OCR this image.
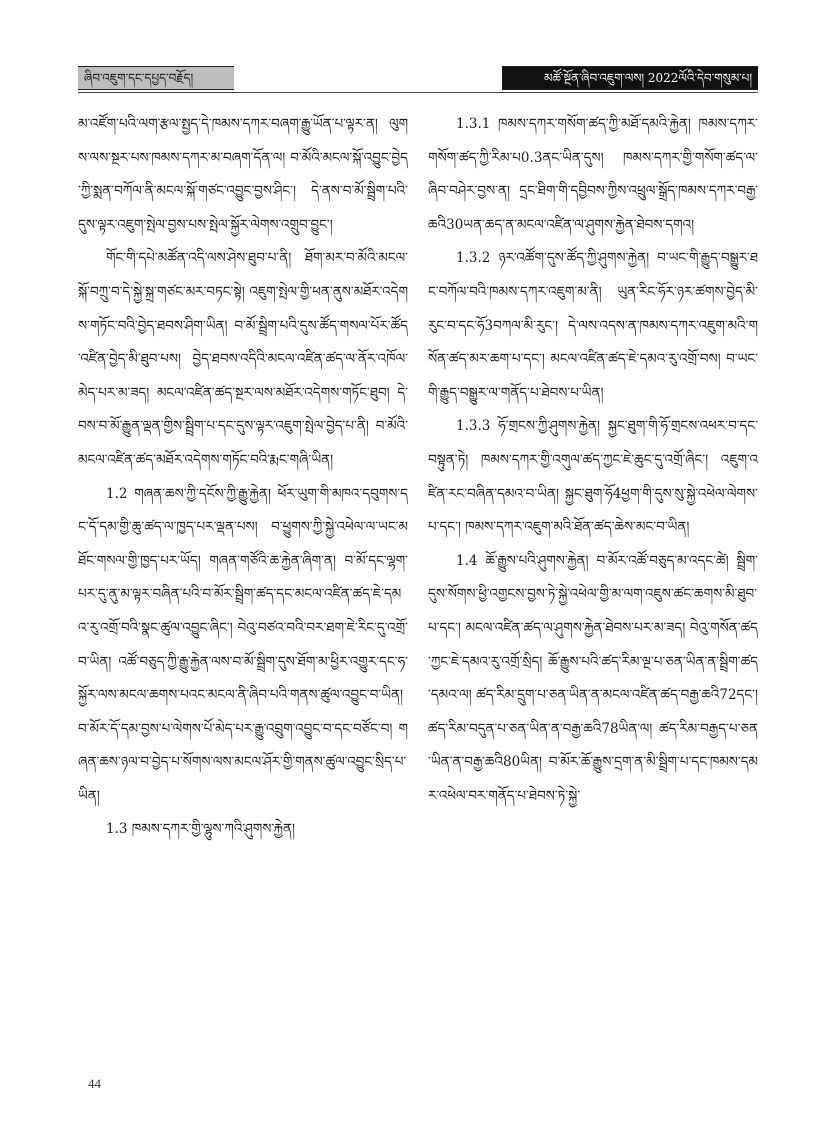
ཞིབ་འཇུག་དང་དཔྱད་བརྗོད།	མཚོ་སྔོན་ཞིབ་འཇུག་ལས། 2022ལོའི་དེབ་གསུམ་པ།

མ་འཛོག་པའི་ལག་རྩལ་སྤྱད་དེ་ཁམས་དཀར་བཞག་རྒྱུ་ཡོན་པ་ལྟར་ན། ལུགས་ལས་སྔར་པས་ཁམས་དཀར་མ་བཞག་དོན་ལ། བ་མོའི་མངལ་སྐོ་འབྱུང་བྱེད་ཀྱི་སྨན་བཀོལ་ནི་མངལ་སྐོ་གཙང་འབྱུང་བྱས་ཤིང་། དེ་ནས་བ་མོ་སྦྲིག་པའི་དུས་ལྟར་འཇུག་སྤེལ་བྱས་པས་སྤེལ་སྐྱོར་ལེགས་འགྲུབ་བྱུང་།

གོང་གི་དཔེ་མཚོན་འདི་ལས་ཤེས་ཐུབ་པ་ནི། ཐོག་མར་བ་མོའི་མངལ་སྐོ་བཀྲུ་བ་དེ་སྐྱེ་སྐྲ་གཙང་མར་བཏང་སྟེ། འཇུག་སྤེལ་གྱི་ཕན་ནུས་མཐོར་འདེགས་གཏོང་བའི་བྱེད་ཐབས་ཤིག་ཡིན། བ་མོ་སྦྲིག་པའི་དུས་ཚོད་གསལ་པོར་ཚོད་འཛིན་བྱེད་མི་ཐུབ་པས། བྱེད་ཐབས་འདིའི་མངལ་འཛིན་ཚད་ལ་ནོར་འཁོལ་མེད་པར་མ་ཟད། མངལ་འཛིན་ཚད་སྔར་ལས་མཐོར་འདེགས་གཏོང་ཐུབ། དེ་བས་བ་མོ་རྒྱུན་ལྡན་གྱིས་སྦྲིག་པ་དང་དུས་ལྟར་འཇུག་སྤེལ་བྱེད་པ་ནི། བ་མོའི་མངལ་འཛིན་ཚད་མཐོར་འདེགས་གཏོང་བའི་རྨང་གཞི་ཡིན།

1.2 གཞན་ཆས་ཀྱི་དངོས་ཀྱི་རྒྱུ་རྐྱེན། ཕོར་ཡུག་གི་མཁའ་དབུགས་དང་དོ་དམ་གྱི་ཆུ་ཚད་ལ་ཁྱད་པར་ལྡན་པས། བ་ཕྱུགས་ཀྱི་སྐྱེ་འཕེལ་ལ་ཡང་མཐོང་གསལ་གྱི་ཁྱད་པར་ཡོད། གཞན་གཙོའི་ཆ་རྐྱེན་ཞིག་ན། བ་མོ་དང་ལྷག་པར་དུ་ནུ་མ་ལྟར་བཞིན་པའི་བ་མོར་སྦྲིག་ཚད་དང་མངལ་འཛིན་ཚད་ཇེ་དམའ་རུ་འགྲོ་བའི་སྣང་ཚུལ་འབྱུང་ཞིང་། བེའུ་བཙའ་བའི་བར་ཐག་ཇེ་རིང་དུ་འགྲོ་བ་ཡིན། འཚོ་བཅུད་ཀྱི་རྒྱུ་རྐྱེན་ལས་བ་མོ་སྦྲིག་དུས་ཐོག་མ་ཕྱིར་འགྱུར་དང་ཧ་སྐྱོར་ལས་མངལ་ཆགས་པའང་མངལ་ནི་ཞིབ་པའི་གནས་ཚུལ་འབྱུང་བ་ཡིན། བ་མོར་དོ་དམ་བྱས་པ་ལེགས་པོ་མེད་པར་རྒྱུ་འབྲུག་འབྱུང་བ་དང་བཙོང་བ། གཞན་ཆས་ཉལ་བ་བྱེད་པ་སོགས་ལས་མངལ་ཤོར་གྱི་གནས་ཚུལ་འབྱུང་སྲིད་པ་ཡིན།

1.3 ཁམས་དཀར་གྱི་ལྷུས་ཀའི་ཤུགས་རྐྱེན།

1.3.1 ཁམས་དཀར་གསོག་ཚད་ཀྱི་མཐོ་དམའི་རྐྱེན། ཁམས་དཀར་གསོག་ཚད་ཀྱི་རིམ་པ0.3ནང་ཡིན་དུས། ཁམས་དཀར་གྱི་གསོག་ཚད་ལ་ཞིབ་བཤེར་བྱས་ན། དྲང་ཐིག་གི་དབྱིབས་ཀྱིས་འཕྲུལ་སྒྲོད་ཁམས་དཀར་བརྒྱ་ཆའི30ཡན་ཆད་ན་མངལ་འཛིན་ལ་ཤུགས་རྐྱེན་ཐེབས་དགའ།

1.3.2 ཉར་འཚོག་དུས་ཚོད་ཀྱི་ཤུགས་རྐྱེན། བ་ཡང་གི་རྒྱུད་བསྒྱུར་ཐང་བཀོལ་བའི་ཁམས་དཀར་འཇུག་མ་ནི། ཡུན་རིང་ཧོར་ཉར་ཚགས་བྱེད་མི་རུང་བ་དང་ཧོ3བཀལ་མི་རུང་། དེ་ལས་འདས་ན་ཁམས་དཀར་འཇུག་མའི་གསོན་ཚད་མར་ཆག་པ་དང་། མངལ་འཛིན་ཚད་ཇེ་དམའ་རུ་འགྲོ་བས། བ་ཡང་གི་རྒྱུད་བསྒྱུར་ལ་གནོད་པ་ཐེབས་པ་ཡིན།

1.3.3 ཧོ་གྲངས་ཀྱི་ཤུགས་རྐྱེན། སྐྱང་ཐུག་གི་ཧོ་གྲངས་འཕར་བ་དང་བསྟུན་ཏེ། ཁམས་དཀར་གྱི་འགུལ་ཚད་ཀྱང་ཇེ་ཆུང་དུ་འགྲོ་ཞིང་། འཇུག་འཛིན་རང་བཞིན་དམའ་བ་ཡིན། སྐྱང་ཐུག་ཧོ4ཕྱག་གི་དུས་སུ་སྐྱེ་འཕེལ་ལེགས་པ་དང་། ཁམས་དཀར་འཇུག་མའི་ཐོན་ཚད་ཆེས་མང་བ་ཡིན།

1.4 ཆོ་རྒྱུས་པའི་ཤུགས་རྐྱེན། བ་མོར་འཚོ་བཅུད་མ་འདང་ཚེ། སྦྲིག་དུས་སོགས་ཕྱི་འགྱངས་བྱས་ཏེ་སྐྱེ་འཕེལ་གྱི་མ་ལག་འཇུས་ཚང་ཆགས་མི་ཐུབ་པ་དང་། མངལ་འཛིན་ཚད་ལ་ཤུགས་རྐྱེན་ཐེབས་པར་མ་ཟད། བེའུ་གསོན་ཚད་ཀྱང་ཇེ་དམའ་རུ་འགྲོ་སྲིད། ཆོ་རྒྱུས་པའི་ཚད་རིམ་ལྔ་པ་ཅན་ཡིན་ན་སྦྲིག་ཚད་དམའ་ལ། ཚད་རིམ་དྲུག་པ་ཅན་ཡིན་ན་མངལ་འཛིན་ཚད་བརྒྱ་ཆའི72དང་། ཚད་རིམ་བདུན་པ་ཅན་ཡིན་ན་བརྒྱ་ཆའི78ཡིན་ལ། ཚད་རིམ་བརྒྱད་པ་ཅན་ཡིན་ན་བརྒྱ་ཆའི80ཡིན། བ་མོར་ཆོ་རྒྱུས་དྲག་ན་མི་སྦྲིག་པ་དང་ཁམས་དམར་འཕེལ་བར་གནོད་པ་ཐེབས་ཏེ་སྐྱེ་

44
